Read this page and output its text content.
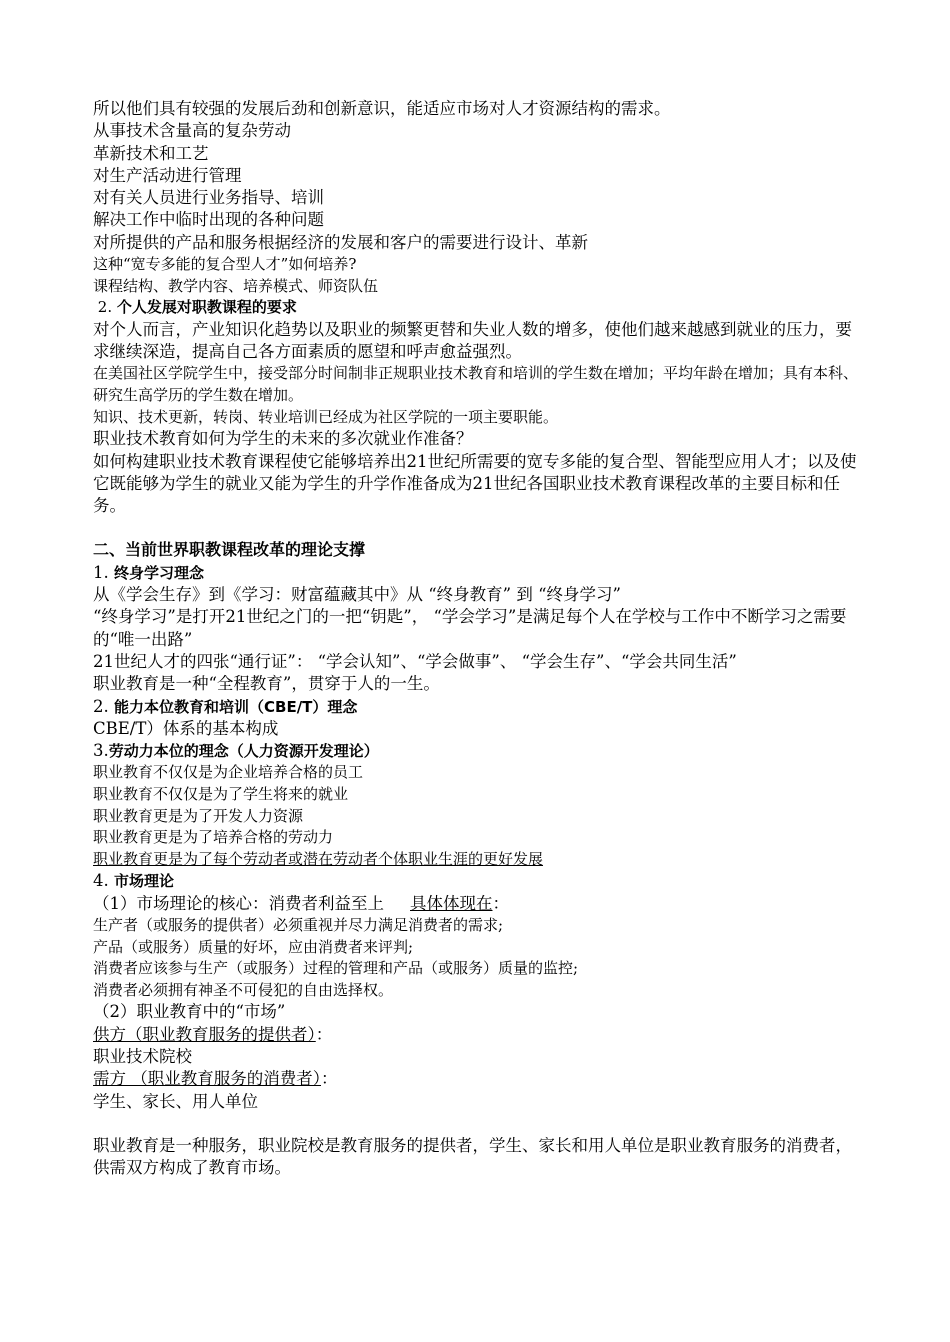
所以他们具有较强的发展后劲和创新意识，能适应市场对人才资源结构的需求。

从事技术含量高的复杂劳动

革新技术和工艺

对生产活动进行管理

对有关人员进行业务指导、培训

解决工作中临时出现的各种问题

对所提供的产品和服务根据经济的发展和客户的需要进行设计、革新

这种“宽专多能的复合型人才”如何培养?

课程结构、教学内容、培养模式、师资队伍

2. 个人发展对职教课程的要求

对个人而言，产业知识化趋势以及职业的频繁更替和失业人数的增多，使他们越来越感到就业的压力，要求继续深造，提高自己各方面素质的愿望和呼声愈益强烈。

在美国社区学院学生中，接受部分时间制非正规职业技术教育和培训的学生数在增加；平均年龄在增加；具有本科、研究生高学历的学生数在增加。

知识、技术更新，转岗、转业培训已经成为社区学院的一项主要职能。

职业技术教育如何为学生的未来的多次就业作准备？

如何构建职业技术教育课程使它能够培养出21世纪所需要的宽专多能的复合型、智能型应用人才；以及使它既能够为学生的就业又能为学生的升学作准备成为21世纪各国职业技术教育课程改革的主要目标和任务。

二、当前世界职教课程改革的理论支撑

1. 终身学习理念

从《学会生存》到《学习：财富蕴藏其中》从 “终身教育” 到 “终身学习”

“终身学习”是打开21世纪之门的一把“钥匙”， “学会学习”是满足每个人在学校与工作中不断学习之需要的“唯一出路”

21世纪人才的四张“通行证”： “学会认知”、“学会做事”、 “学会生存”、“学会共同生活”

职业教育是一种“全程教育”，贯穿于人的一生。

2. 能力本位教育和培训（CBE/T）理念

CBE/T）体系的基本构成

3.劳动力本位的理念（人力资源开发理论）

职业教育不仅仅是为企业培养合格的员工

职业教育不仅仅是为了学生将来的就业

职业教育更是为了开发人力资源

职业教育更是为了培养合格的劳动力

职业教育更是为了每个劳动者或潜在劳动者个体职业生涯的更好发展

4. 市场理论

（1）市场理论的核心：消费者利益至上 具体体现在：

生产者（或服务的提供者）必须重视并尽力满足消费者的需求;

产品（或服务）质量的好坏，应由消费者来评判;

消费者应该参与生产（或服务）过程的管理和产品（或服务）质量的监控;

消费者必须拥有神圣不可侵犯的自由选择权。

（2）职业教育中的“市场”

供方（职业教育服务的提供者）：

职业技术院校

需方 （职业教育服务的消费者）：

学生、家长、用人单位

职业教育是一种服务，职业院校是教育服务的提供者，学生、家长和用人单位是职业教育服务的消费者，供需双方构成了教育市场。
